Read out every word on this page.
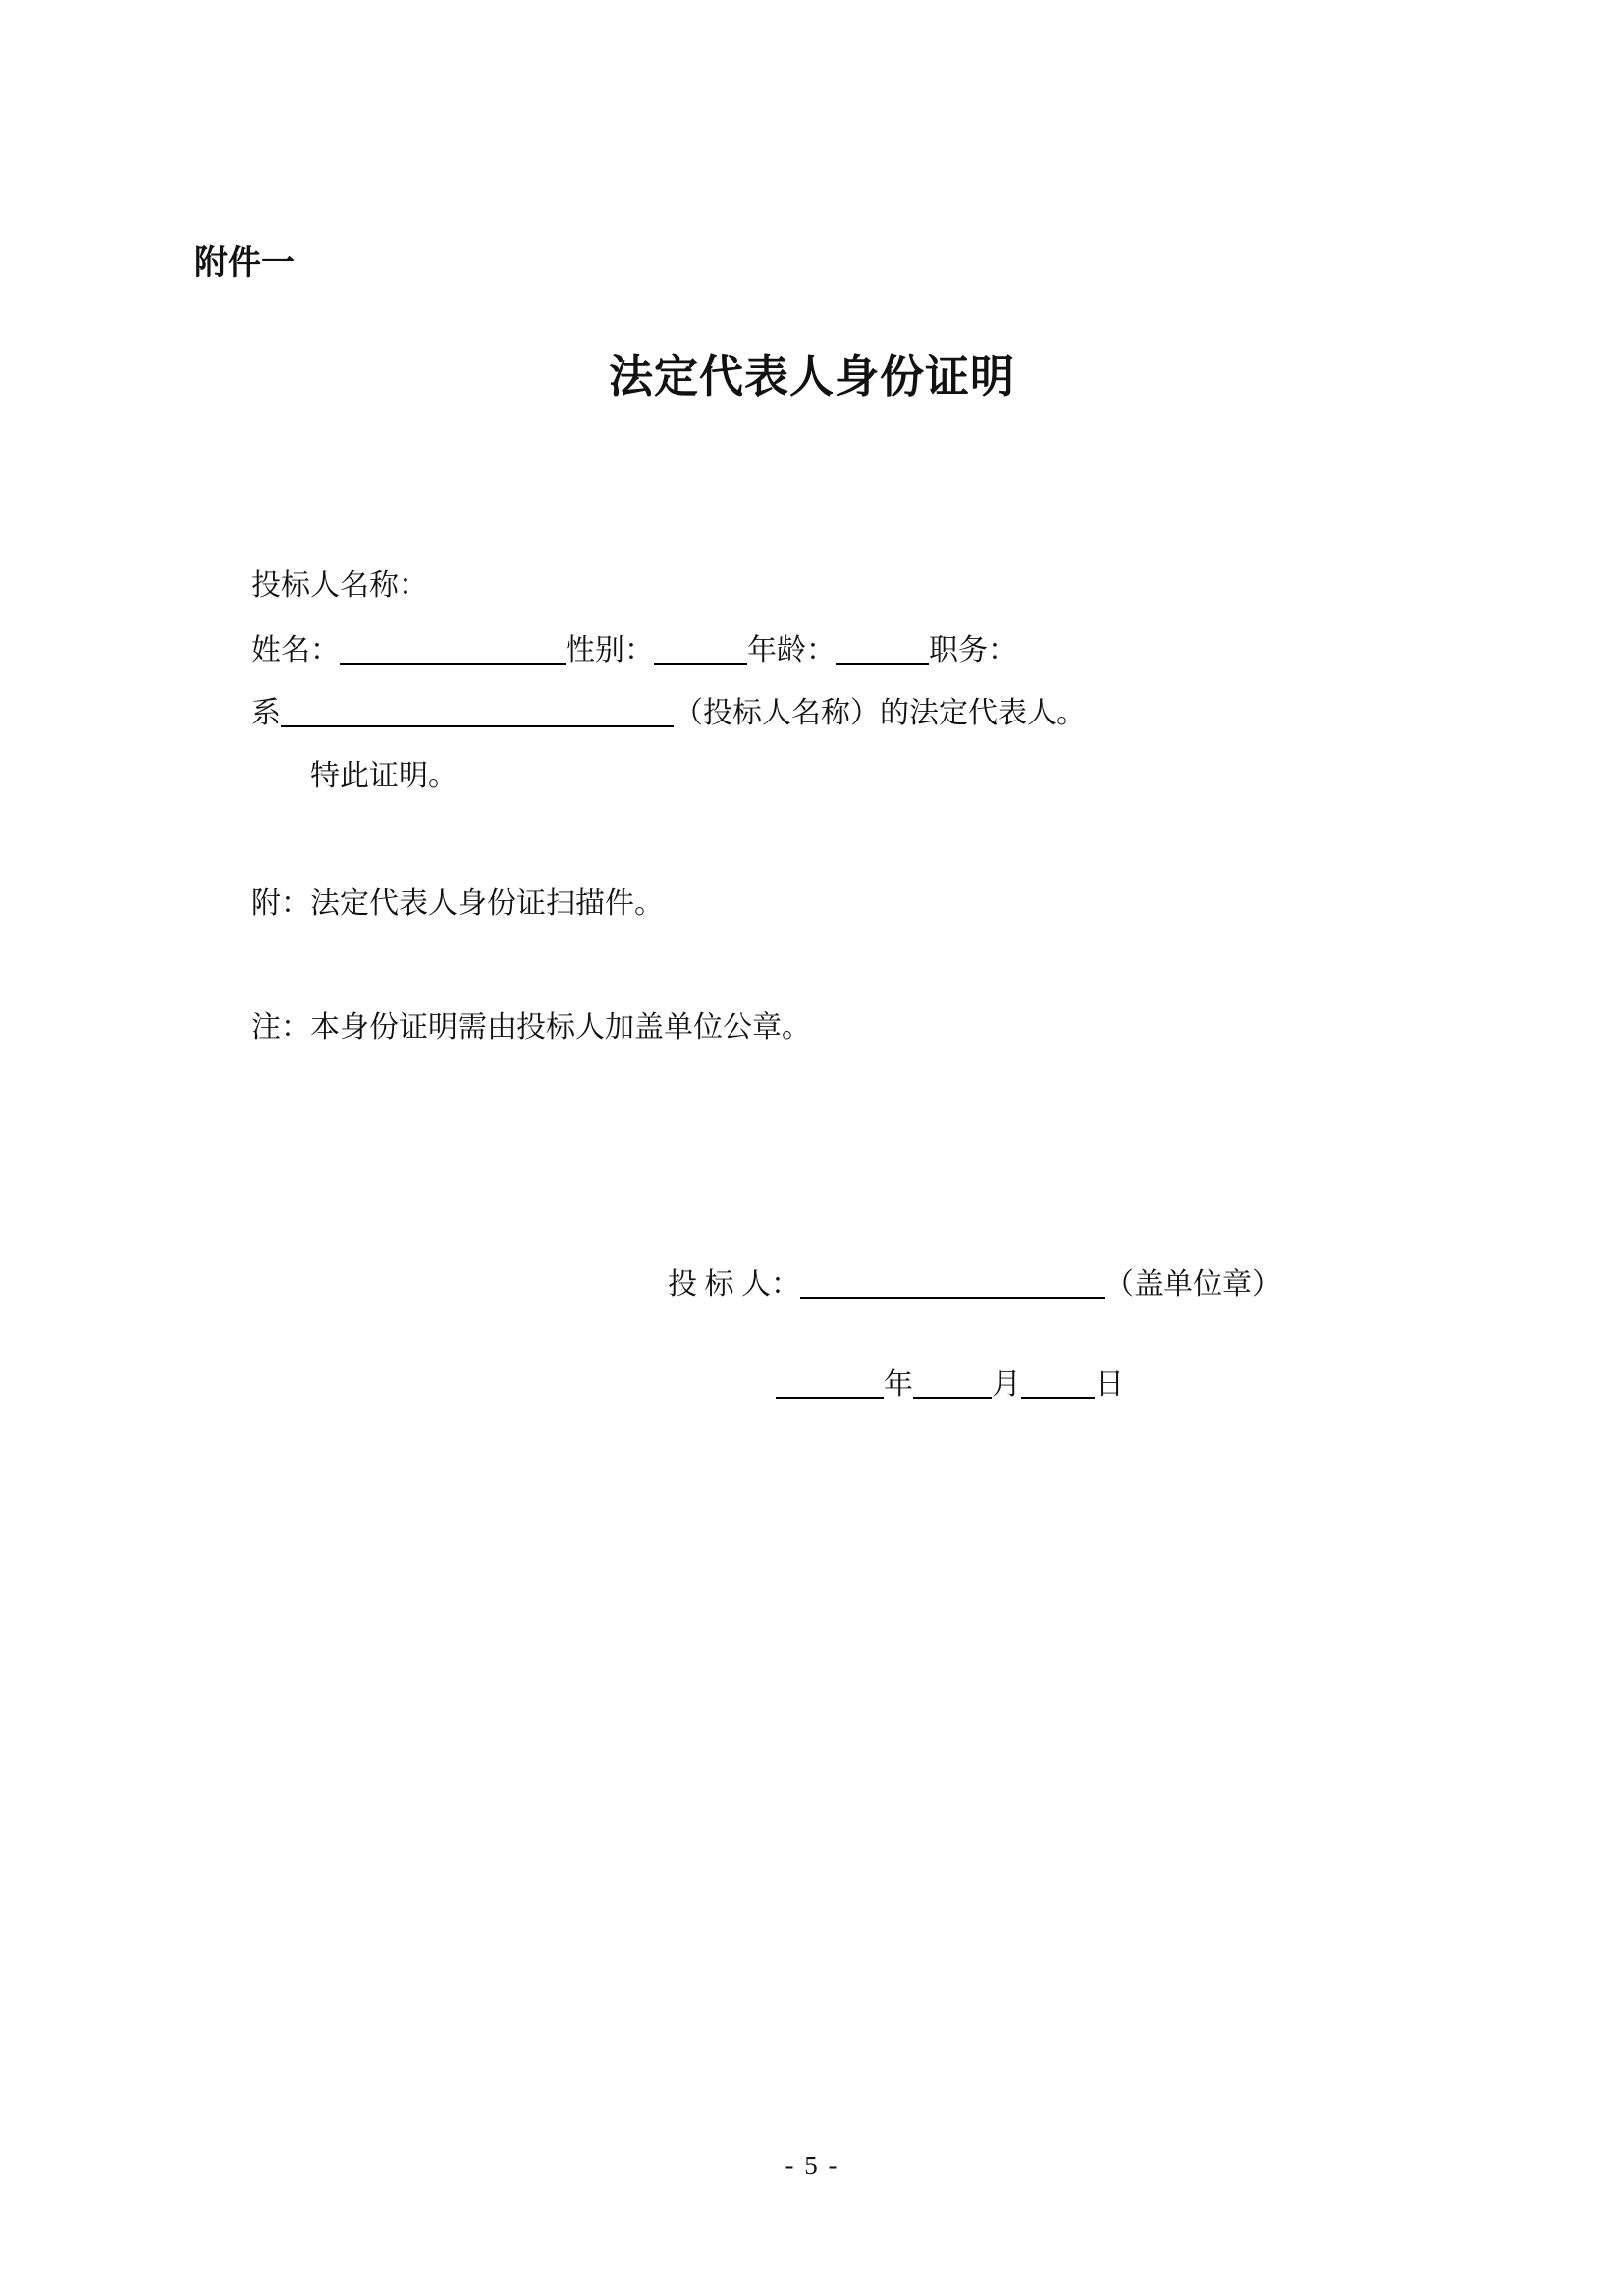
附件一
法定代表人身份证明
投标人名称：
姓名：	性别：	年龄：	职务：
系	（投标人名称）的法定代表人。
特此证明。
附：法定代表人身份证扫描件。
注：本身份证明需由投标人加盖单位公章。
投 标 人：	（盖单位章）
年	月	日
- 5 -
